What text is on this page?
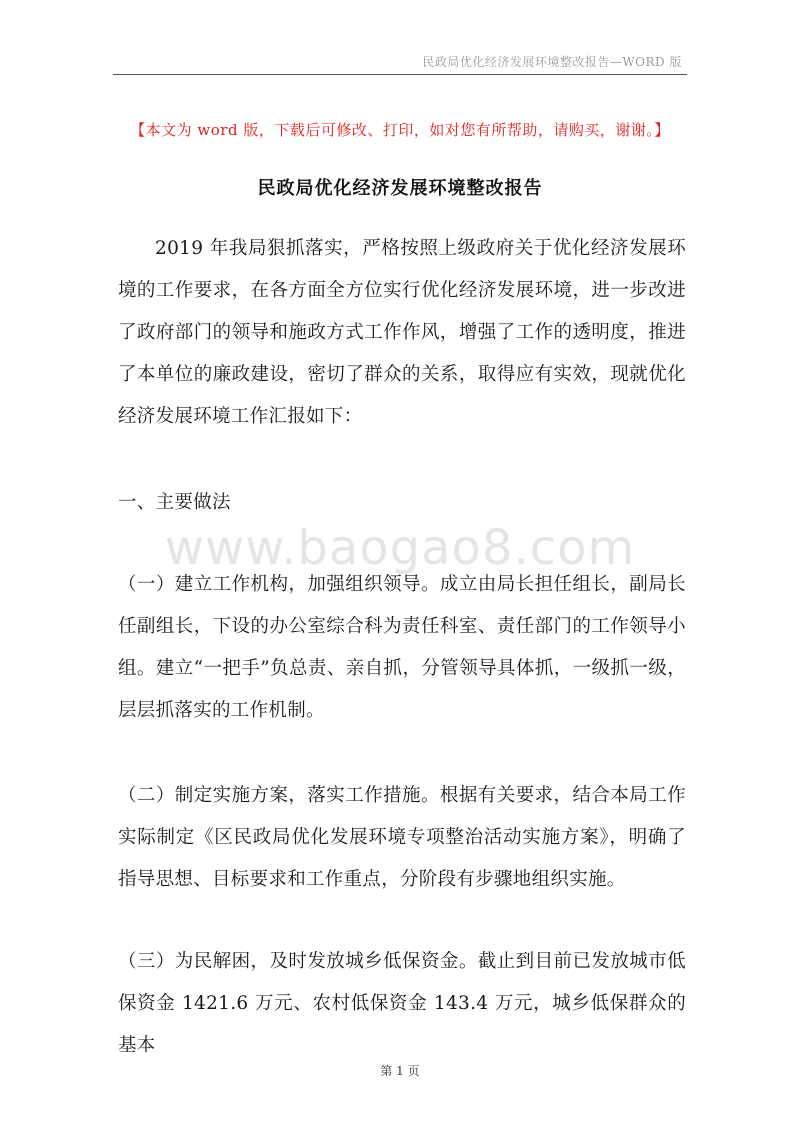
民政局优化经济发展环境整改报告—WORD 版
【本文为 word 版，下载后可修改、打印，如对您有所帮助，请购买，谢谢。】
民政局优化经济发展环境整改报告

2019 年我局狠抓落实，严格按照上级政府关于优化经济发展环境的工作要求，在各方面全方位实行优化经济发展环境，进一步改进了政府部门的领导和施政方式工作作风，增强了工作的透明度，推进了本单位的廉政建设，密切了群众的关系，取得应有实效，现就优化经济发展环境工作汇报如下：

一、主要做法

www.baogao8.com

（一）建立工作机构，加强组织领导。成立由局长担任组长，副局长任副组长，下设的办公室综合科为责任科室、责任部门的工作领导小组。建立“一把手”负总责、亲自抓，分管领导具体抓，一级抓一级，层层抓落实的工作机制。

（二）制定实施方案，落实工作措施。根据有关要求，结合本局工作实际制定《区民政局优化发展环境专项整治活动实施方案》，明确了指导思想、目标要求和工作重点，分阶段有步骤地组织实施。

（三）为民解困，及时发放城乡低保资金。截止到目前已发放城市低保资金 1421.6 万元、农村低保资金 143.4 万元，城乡低保群众的基本

第 1 页
